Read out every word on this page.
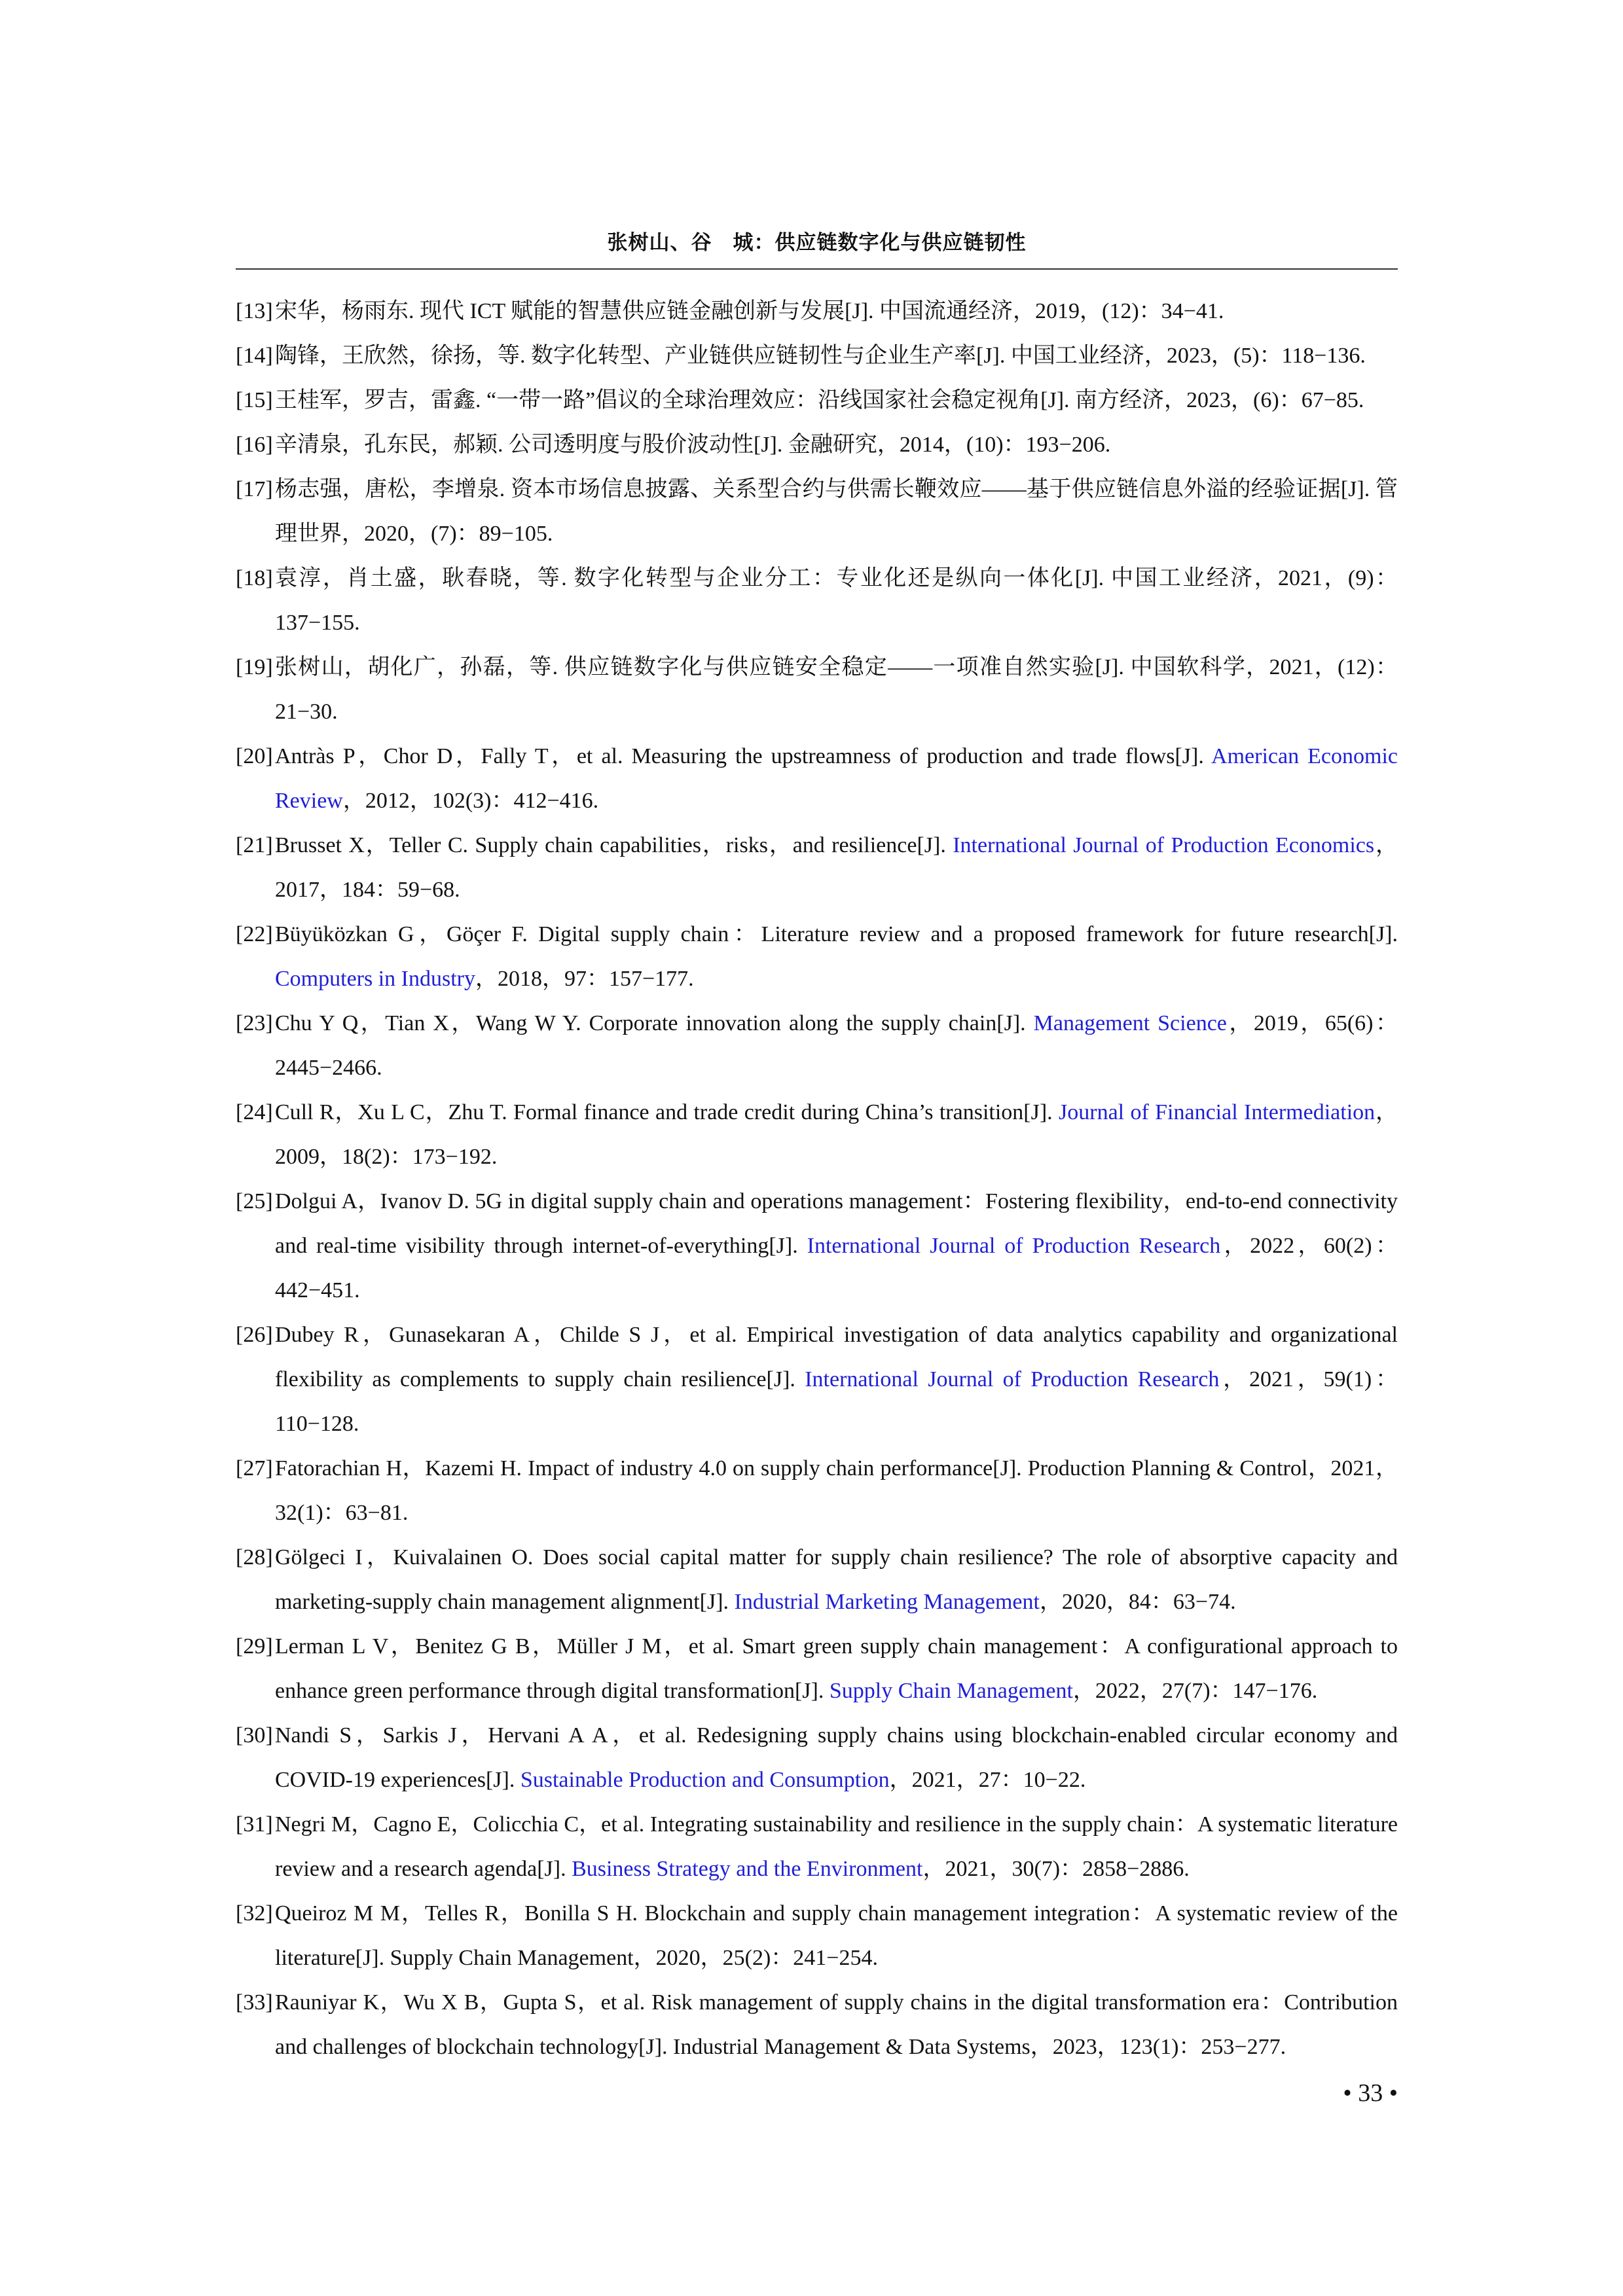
张树山、谷　城：供应链数字化与供应链韧性
[13] 宋华，杨雨东. 现代 ICT 赋能的智慧供应链金融创新与发展[J]. 中国流通经济，2019，(12)：34−41.
[14] 陶锋，王欣然，徐扬，等. 数字化转型、产业链供应链韧性与企业生产率[J]. 中国工业经济，2023，(5)：118−136.
[15] 王桂军，罗吉，雷鑫. “一带一路”倡议的全球治理效应：沿线国家社会稳定视角[J]. 南方经济，2023，(6)：67−85.
[16] 辛清泉，孔东民，郝颖. 公司透明度与股价波动性[J]. 金融研究，2014，(10)：193−206.
[17] 杨志强，唐松，李增泉. 资本市场信息披露、关系型合约与供需长鞭效应——基于供应链信息外溢的经验证据[J]. 管理世界，2020，(7)：89−105.
[18] 袁淳，肖土盛，耿春晓，等. 数字化转型与企业分工：专业化还是纵向一体化[J]. 中国工业经济，2021，(9)：137−155.
[19] 张树山，胡化广，孙磊，等. 供应链数字化与供应链安全稳定——一项准自然实验[J]. 中国软科学，2021，(12)：21−30.
[20] Antràs P，Chor D，Fally T，et al. Measuring the upstreamness of production and trade flows[J]. American Economic Review，2012，102(3)：412−416.
[21] Brusset X，Teller C. Supply chain capabilities，risks，and resilience[J]. International Journal of Production Economics，2017，184：59−68.
[22] Büyüközkan G，Göçer F. Digital supply chain：Literature review and a proposed framework for future research[J]. Computers in Industry，2018，97：157−177.
[23] Chu Y Q，Tian X，Wang W Y. Corporate innovation along the supply chain[J]. Management Science，2019，65(6)：2445−2466.
[24] Cull R，Xu L C，Zhu T. Formal finance and trade credit during China’s transition[J]. Journal of Financial Intermediation，2009，18(2)：173−192.
[25] Dolgui A，Ivanov D. 5G in digital supply chain and operations management：Fostering flexibility，end-to-end connectivity and real-time visibility through internet-of-everything[J]. International Journal of Production Research，2022，60(2)：442−451.
[26] Dubey R，Gunasekaran A，Childe S J，et al. Empirical investigation of data analytics capability and organizational flexibility as complements to supply chain resilience[J]. International Journal of Production Research，2021，59(1)：110−128.
[27] Fatorachian H，Kazemi H. Impact of industry 4.0 on supply chain performance[J]. Production Planning & Control，2021，32(1)：63−81.
[28] Gölgeci I，Kuivalainen O. Does social capital matter for supply chain resilience? The role of absorptive capacity and marketing-supply chain management alignment[J]. Industrial Marketing Management，2020，84：63−74.
[29] Lerman L V，Benitez G B，Müller J M，et al. Smart green supply chain management：A configurational approach to enhance green performance through digital transformation[J]. Supply Chain Management，2022，27(7)：147−176.
[30] Nandi S，Sarkis J，Hervani A A，et al. Redesigning supply chains using blockchain-enabled circular economy and COVID-19 experiences[J]. Sustainable Production and Consumption，2021，27：10−22.
[31] Negri M，Cagno E，Colicchia C，et al. Integrating sustainability and resilience in the supply chain：A systematic literature review and a research agenda[J]. Business Strategy and the Environment，2021，30(7)：2858−2886.
[32] Queiroz M M，Telles R，Bonilla S H. Blockchain and supply chain management integration：A systematic review of the literature[J]. Supply Chain Management，2020，25(2)：241−254.
[33] Rauniyar K，Wu X B，Gupta S，et al. Risk management of supply chains in the digital transformation era：Contribution and challenges of blockchain technology[J]. Industrial Management & Data Systems，2023，123(1)：253−277.
• 33 •
